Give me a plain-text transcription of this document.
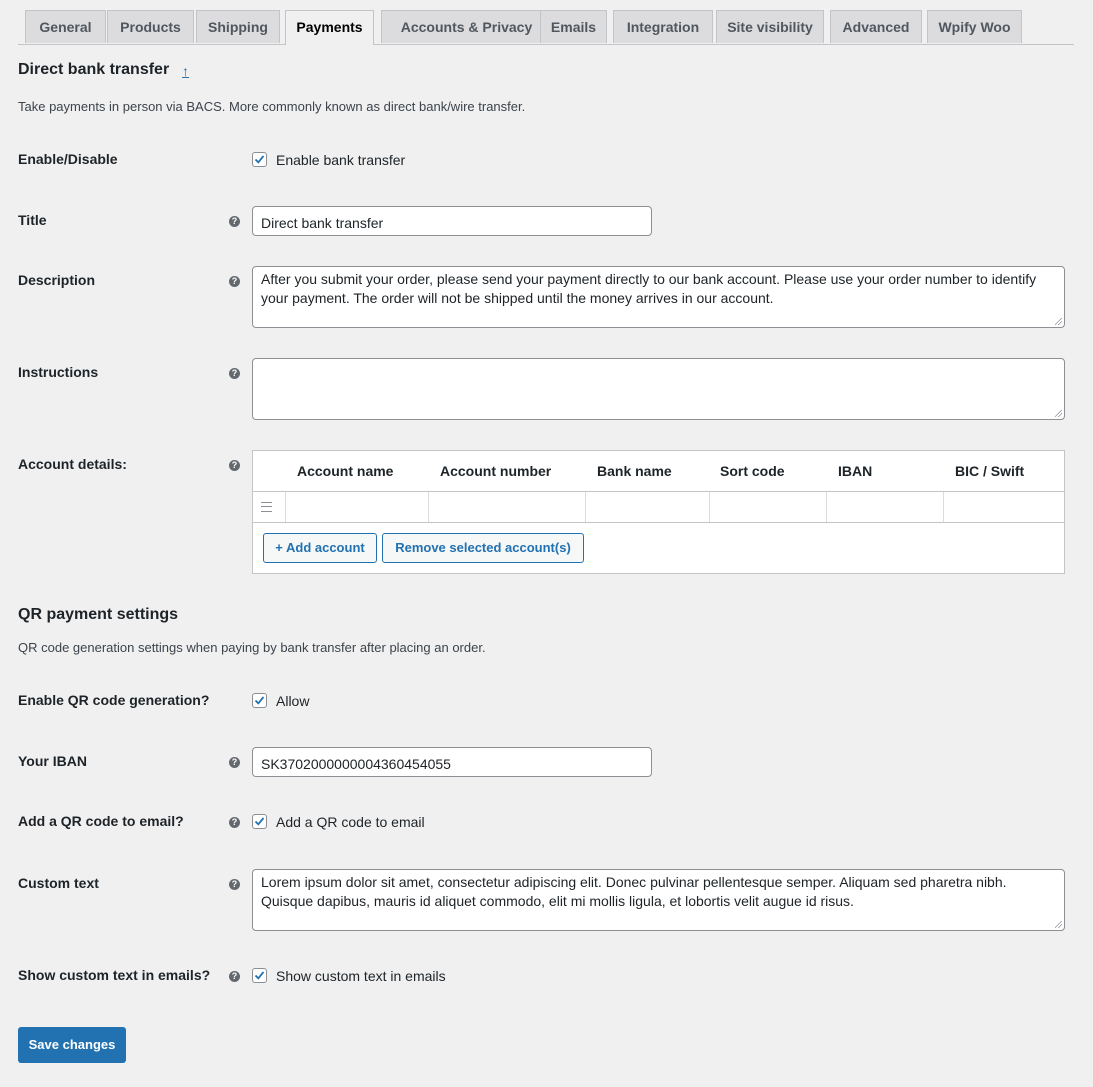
General	Products	Shipping	Payments	Accounts & Privacy	Emails	Integration	Site visibility	Advanced	Wpify Woo
Direct bank transfer ↑
Take payments in person via BACS. More commonly known as direct bank/wire transfer.
Enable/Disable	Enable bank transfer
Title	?	Direct bank transfer
Description	?	After you submit your order, please send your payment directly to our bank account. Please use your order number to identify your payment. The order will not be shipped until the money arrives in our account.
Instructions	?
Account details:	?	Account name	Account number	Bank name	Sort code	IBAN	BIC / Swift
+ Add account	Remove selected account(s)
QR payment settings
QR code generation settings when paying by bank transfer after placing an order.
Enable QR code generation?	Allow
Your IBAN	?	SK3702000000004360454055
Add a QR code to email?	?	Add a QR code to email
Custom text	?	Lorem ipsum dolor sit amet, consectetur adipiscing elit. Donec pulvinar pellentesque semper. Aliquam sed pharetra nibh. Quisque dapibus, mauris id aliquet commodo, elit mi mollis ligula, et lobortis velit augue id risus.
Show custom text in emails?	?	Show custom text in emails
Save changes
